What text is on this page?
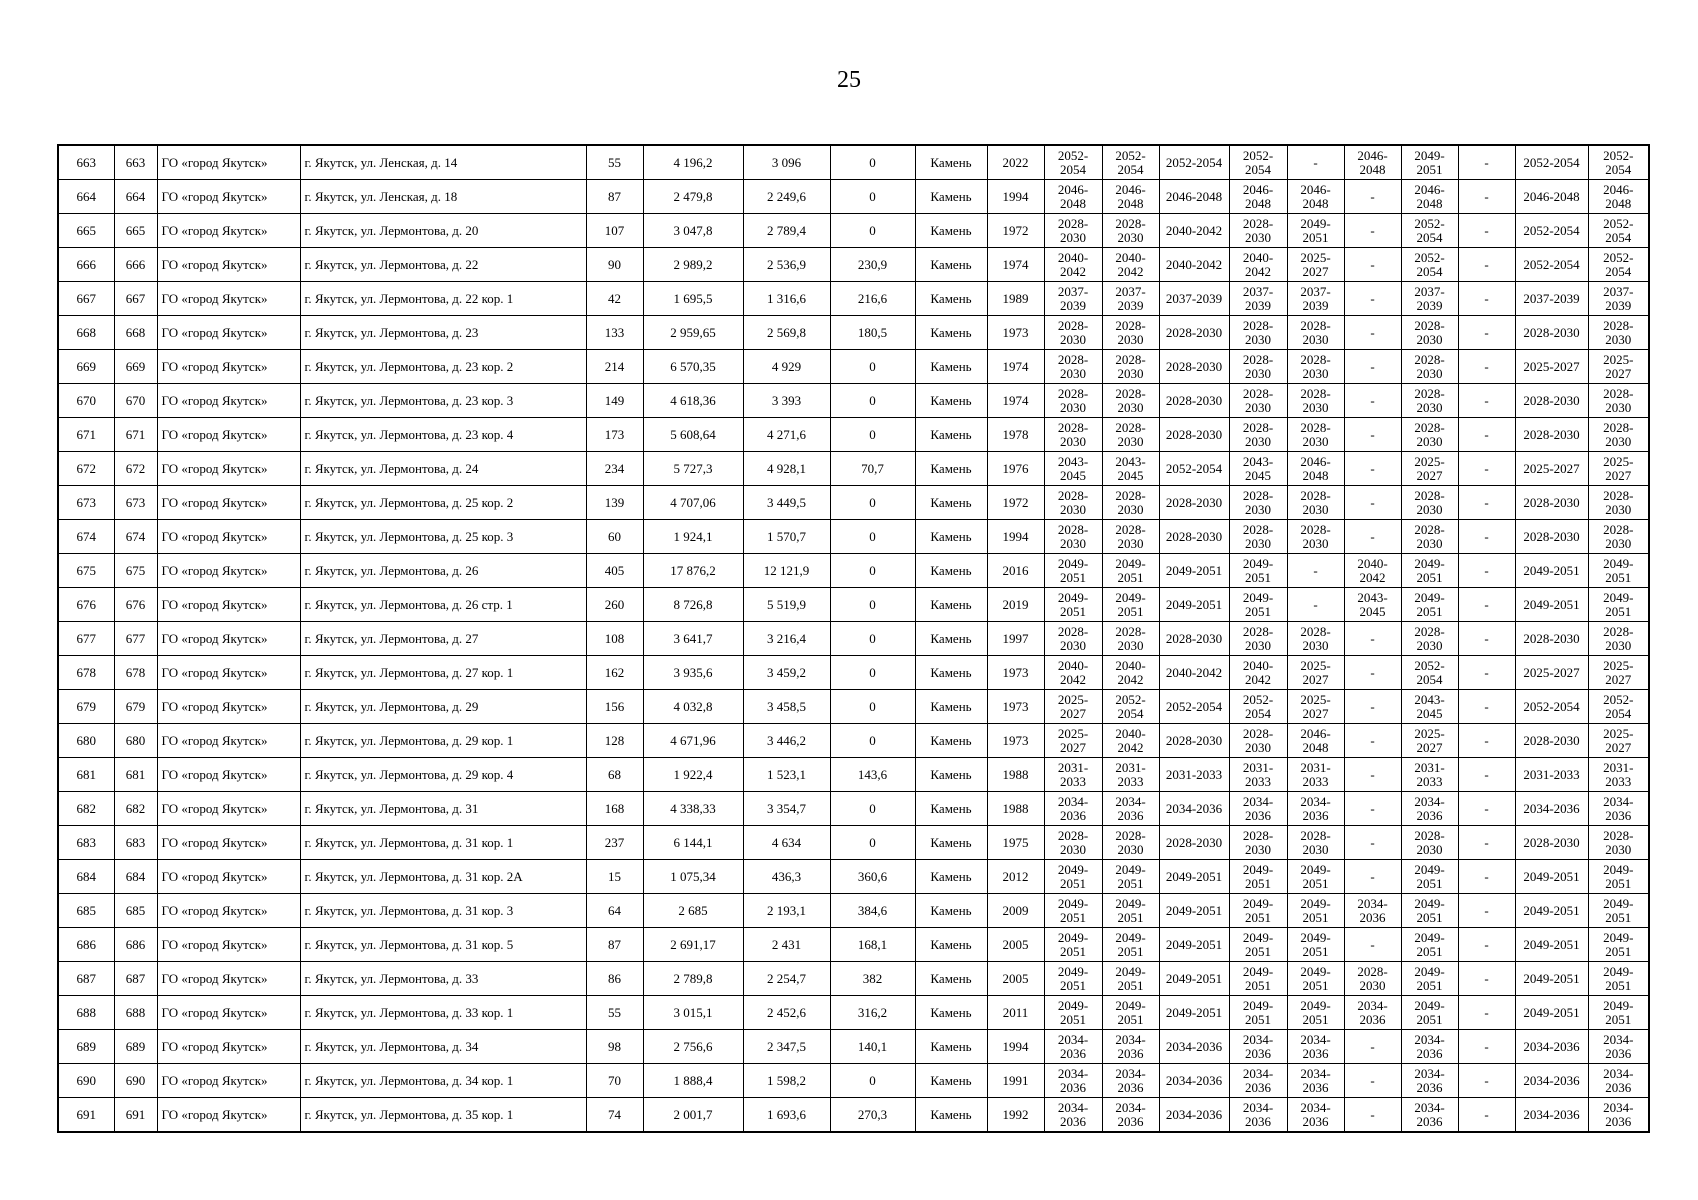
25
663	663	ГО «город Якутск»	г. Якутск, ул. Ленская, д. 14	55	4 196,2	3 096	0	Камень	2022	2052-2054	2052-2054	2052-2054	2052-2054	-	2046-2048	2049-2051	-	2052-2054	2052-2054
664	664	ГО «город Якутск»	г. Якутск, ул. Ленская, д. 18	87	2 479,8	2 249,6	0	Камень	1994	2046-2048	2046-2048	2046-2048	2046-2048	2046-2048	-	2046-2048	-	2046-2048	2046-2048
665	665	ГО «город Якутск»	г. Якутск, ул. Лермонтова, д. 20	107	3 047,8	2 789,4	0	Камень	1972	2028-2030	2028-2030	2040-2042	2028-2030	2049-2051	-	2052-2054	-	2052-2054	2052-2054
666	666	ГО «город Якутск»	г. Якутск, ул. Лермонтова, д. 22	90	2 989,2	2 536,9	230,9	Камень	1974	2040-2042	2040-2042	2040-2042	2040-2042	2025-2027	-	2052-2054	-	2052-2054	2052-2054
667	667	ГО «город Якутск»	г. Якутск, ул. Лермонтова, д. 22 кор. 1	42	1 695,5	1 316,6	216,6	Камень	1989	2037-2039	2037-2039	2037-2039	2037-2039	2037-2039	-	2037-2039	-	2037-2039	2037-2039
668	668	ГО «город Якутск»	г. Якутск, ул. Лермонтова, д. 23	133	2 959,65	2 569,8	180,5	Камень	1973	2028-2030	2028-2030	2028-2030	2028-2030	2028-2030	-	2028-2030	-	2028-2030	2028-2030
669	669	ГО «город Якутск»	г. Якутск, ул. Лермонтова, д. 23 кор. 2	214	6 570,35	4 929	0	Камень	1974	2028-2030	2028-2030	2028-2030	2028-2030	2028-2030	-	2028-2030	-	2025-2027	2025-2027
670	670	ГО «город Якутск»	г. Якутск, ул. Лермонтова, д. 23 кор. 3	149	4 618,36	3 393	0	Камень	1974	2028-2030	2028-2030	2028-2030	2028-2030	2028-2030	-	2028-2030	-	2028-2030	2028-2030
671	671	ГО «город Якутск»	г. Якутск, ул. Лермонтова, д. 23 кор. 4	173	5 608,64	4 271,6	0	Камень	1978	2028-2030	2028-2030	2028-2030	2028-2030	2028-2030	-	2028-2030	-	2028-2030	2028-2030
672	672	ГО «город Якутск»	г. Якутск, ул. Лермонтова, д. 24	234	5 727,3	4 928,1	70,7	Камень	1976	2043-2045	2043-2045	2052-2054	2043-2045	2046-2048	-	2025-2027	-	2025-2027	2025-2027
673	673	ГО «город Якутск»	г. Якутск, ул. Лермонтова, д. 25 кор. 2	139	4 707,06	3 449,5	0	Камень	1972	2028-2030	2028-2030	2028-2030	2028-2030	2028-2030	-	2028-2030	-	2028-2030	2028-2030
674	674	ГО «город Якутск»	г. Якутск, ул. Лермонтова, д. 25 кор. 3	60	1 924,1	1 570,7	0	Камень	1994	2028-2030	2028-2030	2028-2030	2028-2030	2028-2030	-	2028-2030	-	2028-2030	2028-2030
675	675	ГО «город Якутск»	г. Якутск, ул. Лермонтова, д. 26	405	17 876,2	12 121,9	0	Камень	2016	2049-2051	2049-2051	2049-2051	2049-2051	-	2040-2042	2049-2051	-	2049-2051	2049-2051
676	676	ГО «город Якутск»	г. Якутск, ул. Лермонтова, д. 26 стр. 1	260	8 726,8	5 519,9	0	Камень	2019	2049-2051	2049-2051	2049-2051	2049-2051	-	2043-2045	2049-2051	-	2049-2051	2049-2051
677	677	ГО «город Якутск»	г. Якутск, ул. Лермонтова, д. 27	108	3 641,7	3 216,4	0	Камень	1997	2028-2030	2028-2030	2028-2030	2028-2030	2028-2030	-	2028-2030	-	2028-2030	2028-2030
678	678	ГО «город Якутск»	г. Якутск, ул. Лермонтова, д. 27 кор. 1	162	3 935,6	3 459,2	0	Камень	1973	2040-2042	2040-2042	2040-2042	2040-2042	2025-2027	-	2052-2054	-	2025-2027	2025-2027
679	679	ГО «город Якутск»	г. Якутск, ул. Лермонтова, д. 29	156	4 032,8	3 458,5	0	Камень	1973	2025-2027	2052-2054	2052-2054	2052-2054	2025-2027	-	2043-2045	-	2052-2054	2052-2054
680	680	ГО «город Якутск»	г. Якутск, ул. Лермонтова, д. 29 кор. 1	128	4 671,96	3 446,2	0	Камень	1973	2025-2027	2040-2042	2028-2030	2028-2030	2046-2048	-	2025-2027	-	2028-2030	2025-2027
681	681	ГО «город Якутск»	г. Якутск, ул. Лермонтова, д. 29 кор. 4	68	1 922,4	1 523,1	143,6	Камень	1988	2031-2033	2031-2033	2031-2033	2031-2033	2031-2033	-	2031-2033	-	2031-2033	2031-2033
682	682	ГО «город Якутск»	г. Якутск, ул. Лермонтова, д. 31	168	4 338,33	3 354,7	0	Камень	1988	2034-2036	2034-2036	2034-2036	2034-2036	2034-2036	-	2034-2036	-	2034-2036	2034-2036
683	683	ГО «город Якутск»	г. Якутск, ул. Лермонтова, д. 31 кор. 1	237	6 144,1	4 634	0	Камень	1975	2028-2030	2028-2030	2028-2030	2028-2030	2028-2030	-	2028-2030	-	2028-2030	2028-2030
684	684	ГО «город Якутск»	г. Якутск, ул. Лермонтова, д. 31 кор. 2А	15	1 075,34	436,3	360,6	Камень	2012	2049-2051	2049-2051	2049-2051	2049-2051	2049-2051	-	2049-2051	-	2049-2051	2049-2051
685	685	ГО «город Якутск»	г. Якутск, ул. Лермонтова, д. 31 кор. 3	64	2 685	2 193,1	384,6	Камень	2009	2049-2051	2049-2051	2049-2051	2049-2051	2049-2051	2034-2036	2049-2051	-	2049-2051	2049-2051
686	686	ГО «город Якутск»	г. Якутск, ул. Лермонтова, д. 31 кор. 5	87	2 691,17	2 431	168,1	Камень	2005	2049-2051	2049-2051	2049-2051	2049-2051	2049-2051	-	2049-2051	-	2049-2051	2049-2051
687	687	ГО «город Якутск»	г. Якутск, ул. Лермонтова, д. 33	86	2 789,8	2 254,7	382	Камень	2005	2049-2051	2049-2051	2049-2051	2049-2051	2049-2051	2028-2030	2049-2051	-	2049-2051	2049-2051
688	688	ГО «город Якутск»	г. Якутск, ул. Лермонтова, д. 33 кор. 1	55	3 015,1	2 452,6	316,2	Камень	2011	2049-2051	2049-2051	2049-2051	2049-2051	2049-2051	2034-2036	2049-2051	-	2049-2051	2049-2051
689	689	ГО «город Якутск»	г. Якутск, ул. Лермонтова, д. 34	98	2 756,6	2 347,5	140,1	Камень	1994	2034-2036	2034-2036	2034-2036	2034-2036	2034-2036	-	2034-2036	-	2034-2036	2034-2036
690	690	ГО «город Якутск»	г. Якутск, ул. Лермонтова, д. 34 кор. 1	70	1 888,4	1 598,2	0	Камень	1991	2034-2036	2034-2036	2034-2036	2034-2036	2034-2036	-	2034-2036	-	2034-2036	2034-2036
691	691	ГО «город Якутск»	г. Якутск, ул. Лермонтова, д. 35 кор. 1	74	2 001,7	1 693,6	270,3	Камень	1992	2034-2036	2034-2036	2034-2036	2034-2036	2034-2036	-	2034-2036	-	2034-2036	2034-2036
